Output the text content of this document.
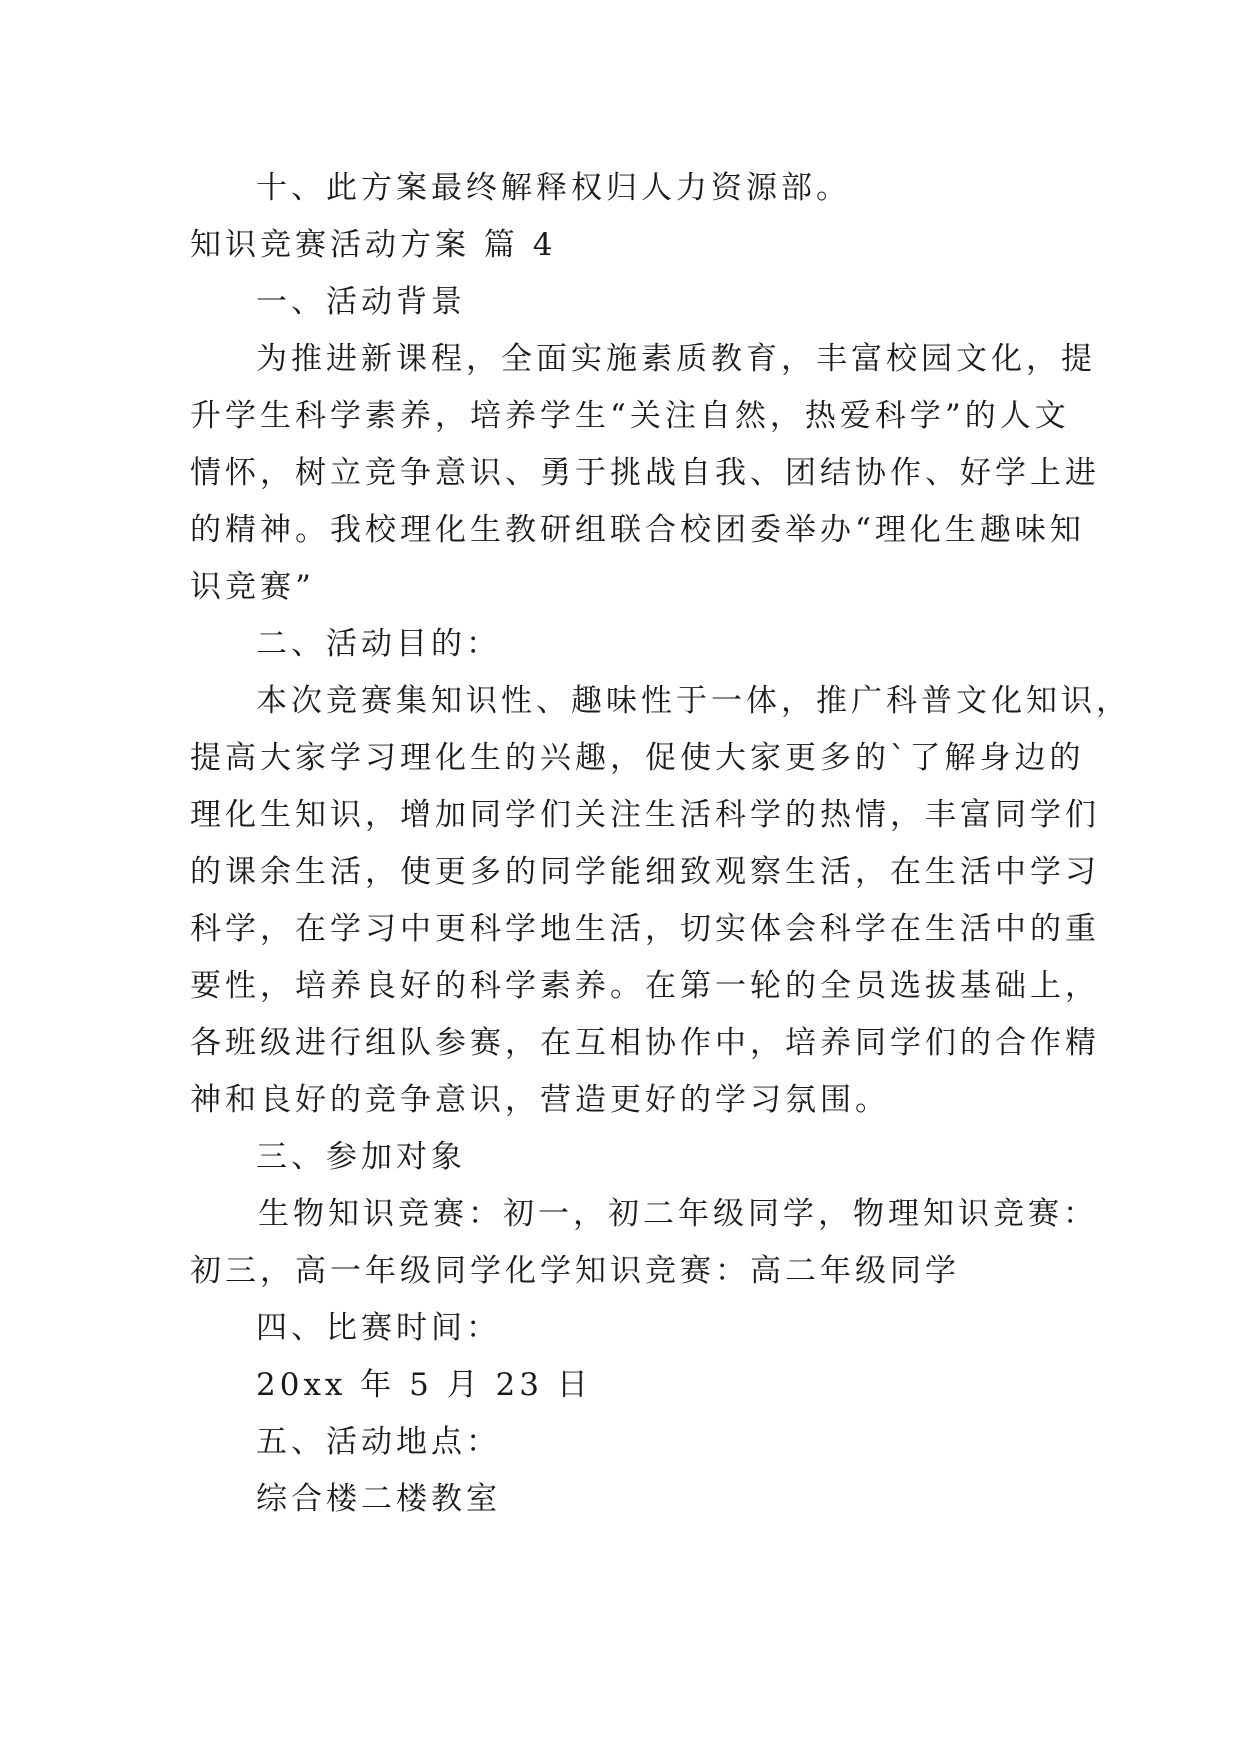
十、此方案最终解释权归人力资源部。
知识竞赛活动方案 篇 4
一、活动背景
为推进新课程，全面实施素质教育，丰富校园文化，提
升学生科学素养，培养学生“关注自然，热爱科学”的人文
情怀，树立竞争意识、勇于挑战自我、团结协作、好学上进
的精神。我校理化生教研组联合校团委举办“理化生趣味知
识竞赛”
二、活动目的：
本次竞赛集知识性、趣味性于一体，推广科普文化知识，
提高大家学习理化生的兴趣，促使大家更多的`了解身边的
理化生知识，增加同学们关注生活科学的热情，丰富同学们
的课余生活，使更多的同学能细致观察生活，在生活中学习
科学，在学习中更科学地生活，切实体会科学在生活中的重
要性，培养良好的科学素养。在第一轮的全员选拔基础上，
各班级进行组队参赛，在互相协作中，培养同学们的合作精
神和良好的竞争意识，营造更好的学习氛围。
三、参加对象
生物知识竞赛：初一，初二年级同学，物理知识竞赛：
初三，高一年级同学化学知识竞赛：高二年级同学
四、比赛时间：
20xx 年 5 月 23 日
五、活动地点：
综合楼二楼教室
